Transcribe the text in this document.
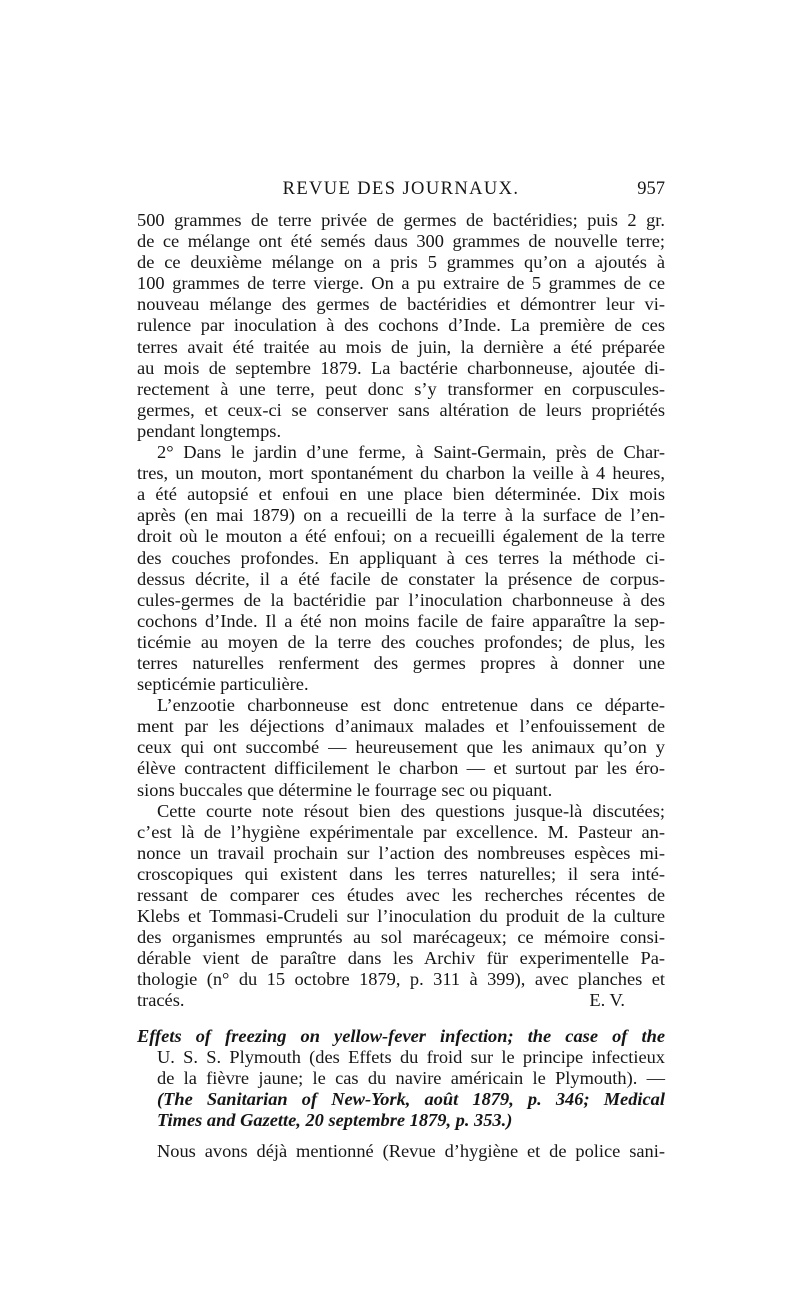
REVUE DES JOURNAUX.	957
500 grammes de terre privée de germes de bactéridies; puis 2 gr.
de ce mélange ont été semés daus 300 grammes de nouvelle terre;
de ce deuxième mélange on a pris 5 grammes qu’on a ajoutés à
100 grammes de terre vierge. On a pu extraire de 5 grammes de ce
nouveau mélange des germes de bactéridies et démontrer leur vi-
rulence par inoculation à des cochons d’Inde. La première de ces
terres avait été traitée au mois de juin, la dernière a été préparée
au mois de septembre 1879. La bactérie charbonneuse, ajoutée di-
rectement à une terre, peut donc s’y transformer en corpuscules-
germes, et ceux-ci se conserver sans altération de leurs propriétés
pendant longtemps.
2° Dans le jardin d’une ferme, à Saint-Germain, près de Char-
tres, un mouton, mort spontanément du charbon la veille à 4 heures,
a été autopsié et enfoui en une place bien déterminée. Dix mois
après (en mai 1879) on a recueilli de la terre à la surface de l’en-
droit où le mouton a été enfoui; on a recueilli également de la terre
des couches profondes. En appliquant à ces terres la méthode ci-
dessus décrite, il a été facile de constater la présence de corpus-
cules-germes de la bactéridie par l’inoculation charbonneuse à des
cochons d’Inde. Il a été non moins facile de faire apparaître la sep-
ticémie au moyen de la terre des couches profondes; de plus, les
terres naturelles renferment des germes propres à donner une
septicémie particulière.
L’enzootie charbonneuse est donc entretenue dans ce départe-
ment par les déjections d’animaux malades et l’enfouissement de
ceux qui ont succombé — heureusement que les animaux qu’on y
élève contractent difficilement le charbon — et surtout par les éro-
sions buccales que détermine le fourrage sec ou piquant.
Cette courte note résout bien des questions jusque-là discutées;
c’est là de l’hygiène expérimentale par excellence. M. Pasteur an-
nonce un travail prochain sur l’action des nombreuses espèces mi-
croscopiques qui existent dans les terres naturelles; il sera inté-
ressant de comparer ces études avec les recherches récentes de
Klebs et Tommasi-Crudeli sur l’inoculation du produit de la culture
des organismes empruntés au sol marécageux; ce mémoire consi-
dérable vient de paraître dans les Archiv für experimentelle Pa-
thologie (n° du 15 octobre 1879, p. 311 à 399), avec planches et
tracés.	E. V.
Effets of freezing on yellow-fever infection; the case of the
U. S. S. Plymouth (des Effets du froid sur le principe infectieux
de la fièvre jaune; le cas du navire américain le Plymouth). —
(The Sanitarian of New-York, août 1879, p. 346; Medical
Times and Gazette, 20 septembre 1879, p. 353.)
Nous avons déjà mentionné (Revue d’hygiène et de police sani-
